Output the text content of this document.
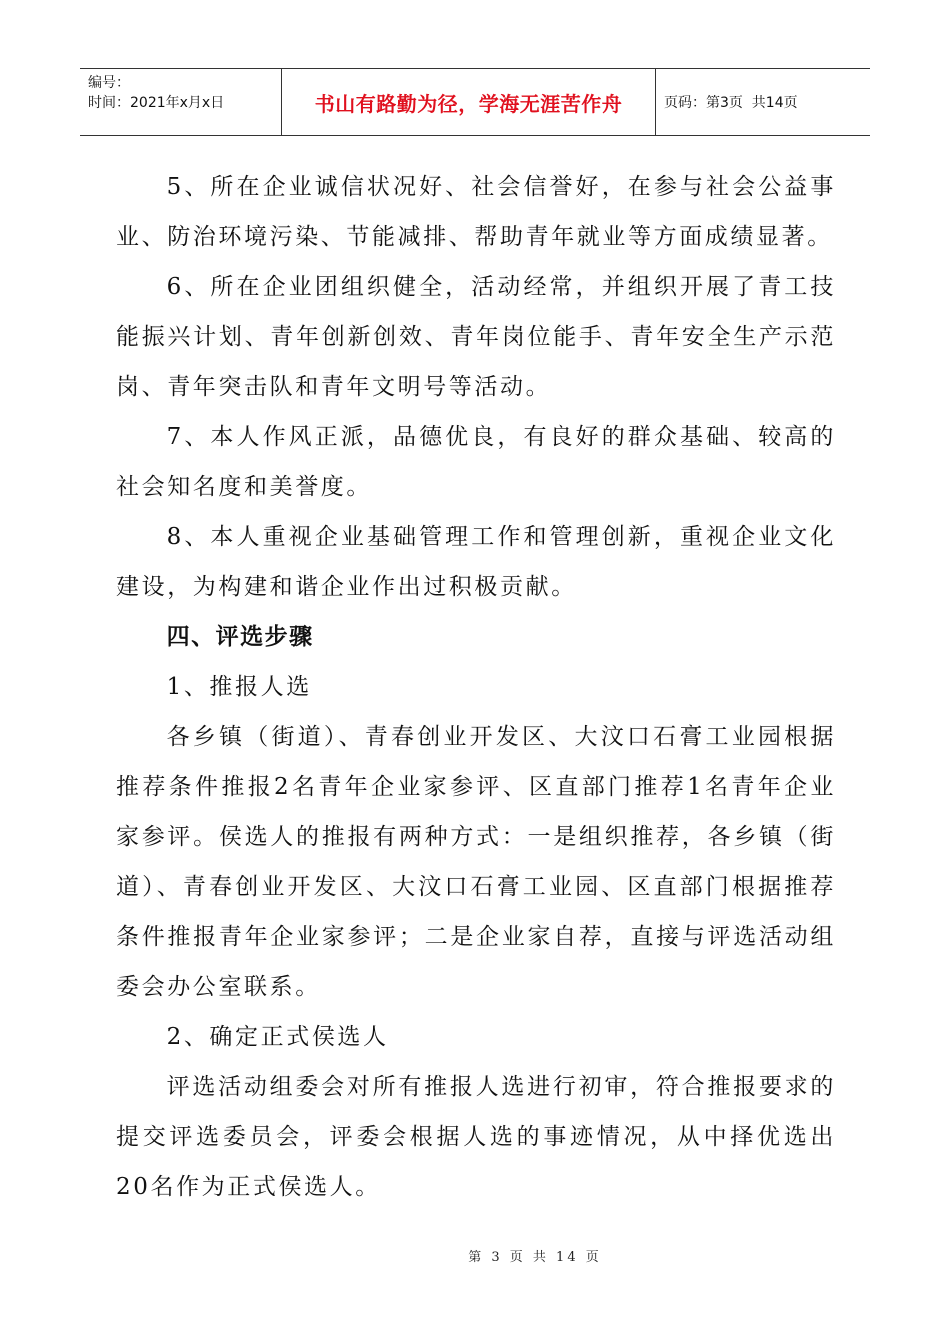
编号：
时间：2021年x月x日	书山有路勤为径，学海无涯苦作舟	页码：第3页  共14页

5、所在企业诚信状况好、社会信誉好，在参与社会公益事业、防治环境污染、节能减排、帮助青年就业等方面成绩显著。

6、所在企业团组织健全，活动经常，并组织开展了青工技能振兴计划、青年创新创效、青年岗位能手、青年安全生产示范岗、青年突击队和青年文明号等活动。

7、本人作风正派，品德优良，有良好的群众基础、较高的社会知名度和美誉度。

8、本人重视企业基础管理工作和管理创新，重视企业文化建设，为构建和谐企业作出过积极贡献。

四、评选步骤

1、推报人选

各乡镇（街道）、青春创业开发区、大汶口石膏工业园根据推荐条件推报2名青年企业家参评、区直部门推荐1名青年企业家参评。侯选人的推报有两种方式：一是组织推荐，各乡镇（街道）、青春创业开发区、大汶口石膏工业园、区直部门根据推荐条件推报青年企业家参评；二是企业家自荐，直接与评选活动组委会办公室联系。

2、确定正式侯选人

评选活动组委会对所有推报人选进行初审，符合推报要求的提交评选委员会，评委会根据人选的事迹情况，从中择优选出20名作为正式侯选人。

第 3 页 共 14 页
